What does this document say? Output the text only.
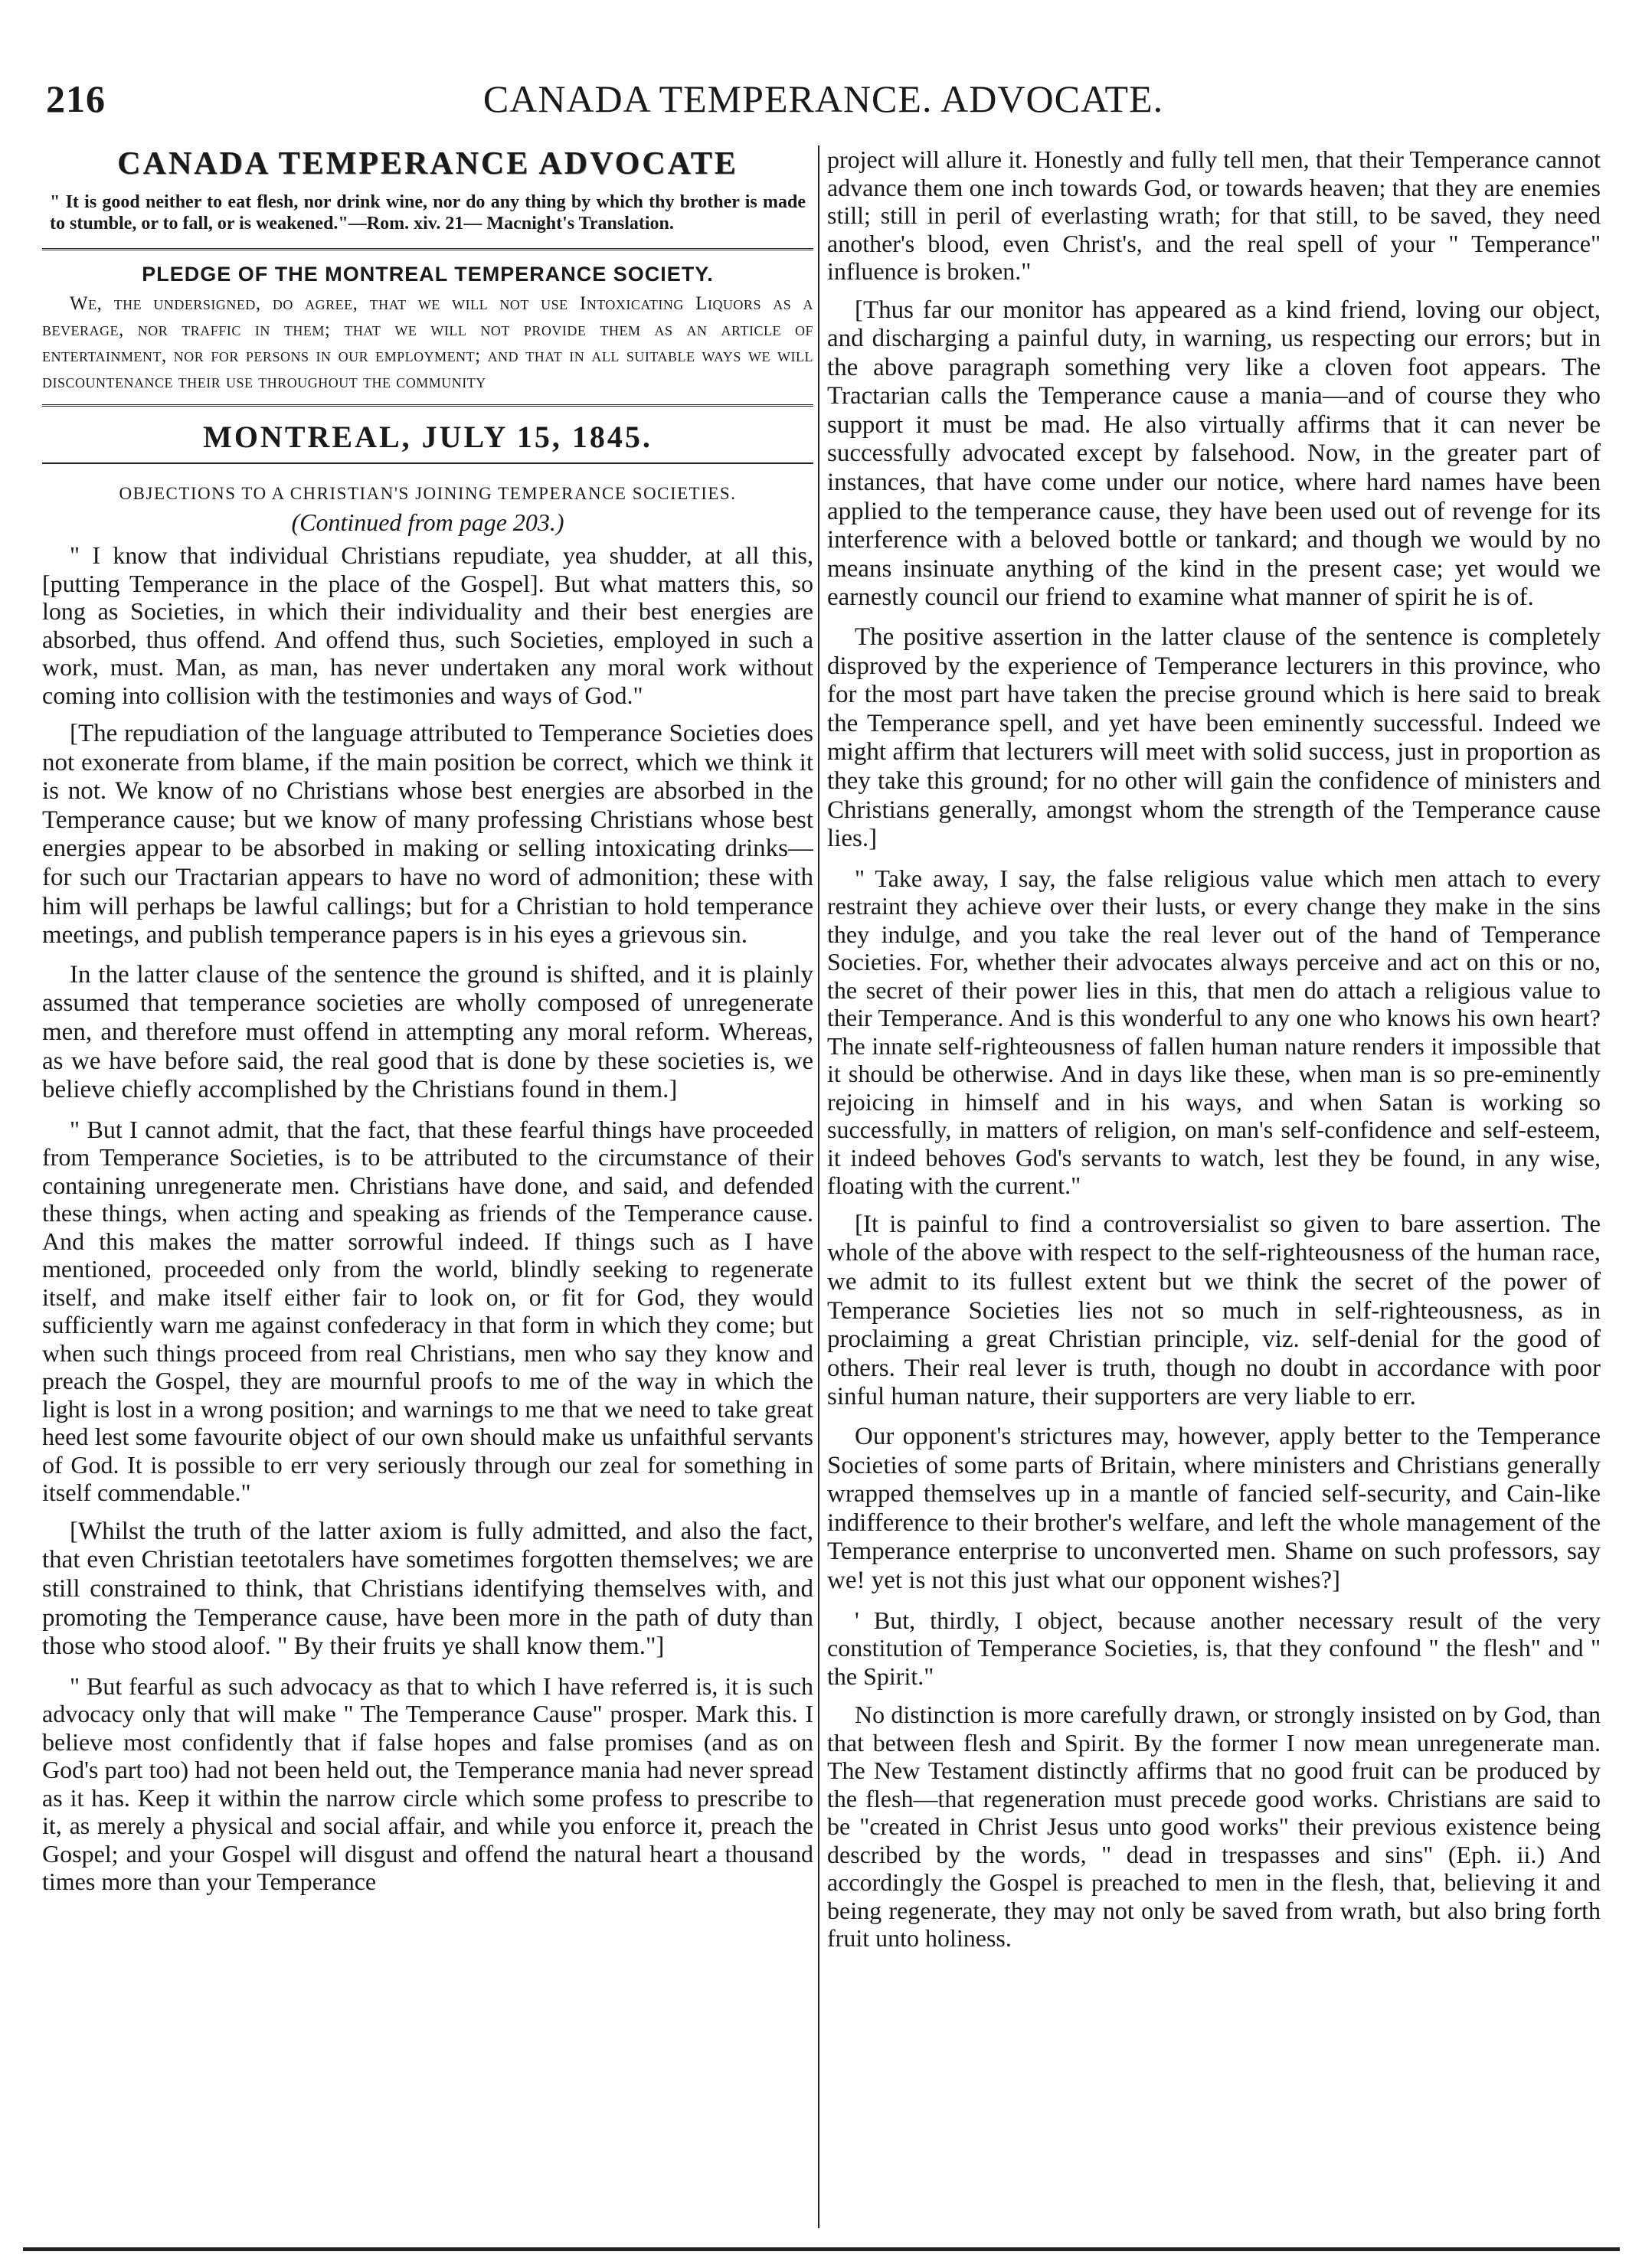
216	CANADA TEMPERANCE. ADVOCATE.
CANADA TEMPERANCE ADVOCATE
" It is good neither to eat flesh, nor drink wine, nor do any thing by which thy brother is made to stumble, or to fall, or is weakened."—Rom. xiv. 21— Macnight's Translation.
PLEDGE OF THE MONTREAL TEMPERANCE SOCIETY.
We, the undersigned, do agree, that we will not use Intoxicating Liquors as a beverage, nor traffic in them; that we will not provide them as an article of entertainment, nor for persons in our employment; and that in all suitable ways we will discountenance their use throughout the community
MONTREAL, JULY 15, 1845.
OBJECTIONS TO A CHRISTIAN'S JOINING TEMPERANCE SOCIETIES.
(Continued from page 203.)

" I know that individual Christians repudiate, yea shudder, at all this, [putting Temperance in the place of the Gospel]. But what matters this, so long as Societies, in which their individuality and their best energies are absorbed, thus offend. And offend thus, such Societies, employed in such a work, must. Man, as man, has never undertaken any moral work without coming into collision with the testimonies and ways of God."

[The repudiation of the language attributed to Temperance Societies does not exonerate from blame, if the main position be correct, which we think it is not. We know of no Christians whose best energies are absorbed in the Temperance cause; but we know of many professing Christians whose best energies appear to be absorbed in making or selling intoxicating drinks—for such our Tractarian appears to have no word of admonition; these with him will perhaps be lawful callings; but for a Christian to hold temperance meetings, and publish temperance papers is in his eyes a grievous sin.

In the latter clause of the sentence the ground is shifted, and it is plainly assumed that temperance societies are wholly composed of unregenerate men, and therefore must offend in attempting any moral reform. Whereas, as we have before said, the real good that is done by these societies is, we believe chiefly accomplished by the Christians found in them.]

" But I cannot admit, that the fact, that these fearful things have proceeded from Temperance Societies, is to be attributed to the circumstance of their containing unregenerate men. Christians have done, and said, and defended these things, when acting and speaking as friends of the Temperance cause. And this makes the matter sorrowful indeed. If things such as I have mentioned, proceeded only from the world, blindly seeking to regenerate itself, and make itself either fair to look on, or fit for God, they would sufficiently warn me against confederacy in that form in which they come; but when such things proceed from real Christians, men who say they know and preach the Gospel, they are mournful proofs to me of the way in which the light is lost in a wrong position; and warnings to me that we need to take great heed lest some favourite object of our own should make us unfaithful servants of God. It is possible to err very seriously through our zeal for something in itself commendable."

[Whilst the truth of the latter axiom is fully admitted, and also the fact, that even Christian teetotalers have sometimes forgotten themselves; we are still constrained to think, that Christians identifying themselves with, and promoting the Temperance cause, have been more in the path of duty than those who stood aloof. " By their fruits ye shall know them."]

" But fearful as such advocacy as that to which I have referred is, it is such advocacy only that will make " The Temperance Cause" prosper. Mark this. I believe most confidently that if false hopes and false promises (and as on God's part too) had not been held out, the Temperance mania had never spread as it has. Keep it within the narrow circle which some profess to prescribe to it, as merely a physical and social affair, and while you enforce it, preach the Gospel; and your Gospel will disgust and offend the natural heart a thousand times more than your Temperance

project will allure it. Honestly and fully tell men, that their Temperance cannot advance them one inch towards God, or towards heaven; that they are enemies still; still in peril of everlasting wrath; for that still, to be saved, they need another's blood, even Christ's, and the real spell of your " Temperance" influence is broken."

[Thus far our monitor has appeared as a kind friend, loving our object, and discharging a painful duty, in warning, us respecting our errors; but in the above paragraph something very like a cloven foot appears. The Tractarian calls the Temperance cause a mania—and of course they who support it must be mad. He also virtually affirms that it can never be successfully advocated except by falsehood. Now, in the greater part of instances, that have come under our notice, where hard names have been applied to the temperance cause, they have been used out of revenge for its interference with a beloved bottle or tankard; and though we would by no means insinuate anything of the kind in the present case; yet would we earnestly council our friend to examine what manner of spirit he is of.

The positive assertion in the latter clause of the sentence is completely disproved by the experience of Temperance lecturers in this province, who for the most part have taken the precise ground which is here said to break the Temperance spell, and yet have been eminently successful. Indeed we might affirm that lecturers will meet with solid success, just in proportion as they take this ground; for no other will gain the confidence of ministers and Christians generally, amongst whom the strength of the Temperance cause lies.]

" Take away, I say, the false religious value which men attach to every restraint they achieve over their lusts, or every change they make in the sins they indulge, and you take the real lever out of the hand of Temperance Societies. For, whether their advocates always perceive and act on this or no, the secret of their power lies in this, that men do attach a religious value to their Temperance. And is this wonderful to any one who knows his own heart? The innate self-righteousness of fallen human nature renders it impossible that it should be otherwise. And in days like these, when man is so pre-eminently rejoicing in himself and in his ways, and when Satan is working so successfully, in matters of religion, on man's self-confidence and self-esteem, it indeed behoves God's servants to watch, lest they be found, in any wise, floating with the current."

[It is painful to find a controversialist so given to bare assertion. The whole of the above with respect to the self-righteousness of the human race, we admit to its fullest extent but we think the secret of the power of Temperance Societies lies not so much in self-righteousness, as in proclaiming a great Christian principle, viz. self-denial for the good of others. Their real lever is truth, though no doubt in accordance with poor sinful human nature, their supporters are very liable to err.

Our opponent's strictures may, however, apply better to the Temperance Societies of some parts of Britain, where ministers and Christians generally wrapped themselves up in a mantle of fancied self-security, and Cain-like indifference to their brother's welfare, and left the whole management of the Temperance enterprise to unconverted men. Shame on such professors, say we! yet is not this just what our opponent wishes?]

' But, thirdly, I object, because another necessary result of the very constitution of Temperance Societies, is, that they confound " the flesh" and " the Spirit."

No distinction is more carefully drawn, or strongly insisted on by God, than that between flesh and Spirit. By the former I now mean unregenerate man. The New Testament distinctly affirms that no good fruit can be produced by the flesh—that regeneration must precede good works. Christians are said to be "created in Christ Jesus unto good works" their previous existence being described by the words, " dead in trespasses and sins" (Eph. ii.) And accordingly the Gospel is preached to men in the flesh, that, believing it and being regenerate, they may not only be saved from wrath, but also bring forth fruit unto holiness.
